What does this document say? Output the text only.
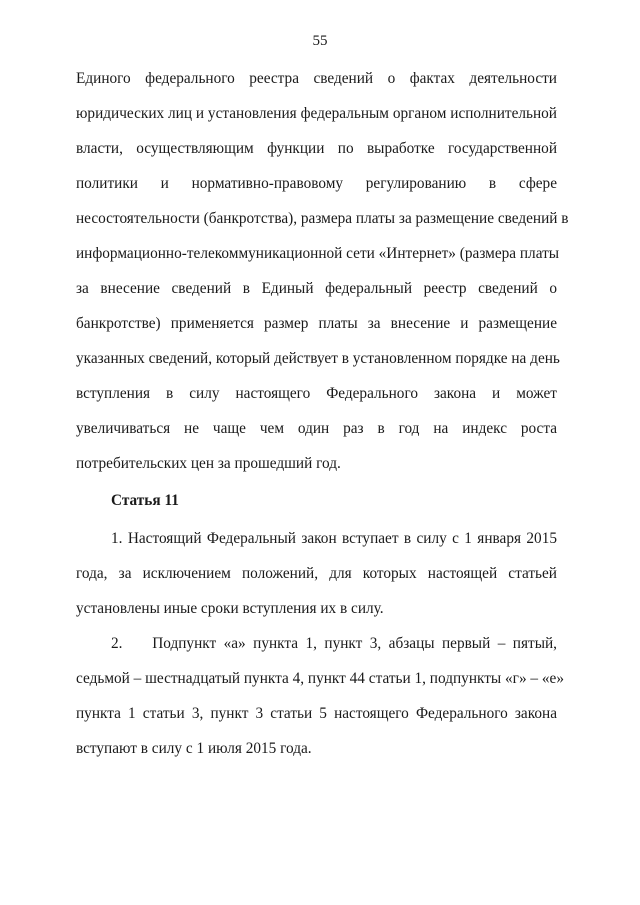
55
Единого федерального реестра сведений о фактах деятельности
юридических лиц и установления федеральным органом исполнительной
власти, осуществляющим функции по выработке государственной
политики и нормативно-правовому регулированию в сфере
несостоятельности (банкротства), размера платы за размещение сведений в
информационно-телекоммуникационной сети «Интернет» (размера платы
за внесение сведений в Единый федеральный реестр сведений о
банкротстве) применяется размер платы за внесение и размещение
указанных сведений, который действует в установленном порядке на день
вступления в силу настоящего Федерального закона и может
увеличиваться не чаще чем один раз в год на индекс роста
потребительских цен за прошедший год.
Статья 11
1. Настоящий Федеральный закон вступает в силу с 1 января 2015
года, за исключением положений, для которых настоящей статьей
установлены иные сроки вступления их в силу.
2.    Подпункт «а» пункта 1, пункт 3, абзацы первый – пятый,
седьмой – шестнадцатый пункта 4, пункт 44 статьи 1, подпункты «г» – «е»
пункта 1 статьи 3, пункт 3 статьи 5 настоящего Федерального закона
вступают в силу с 1 июля 2015 года.
